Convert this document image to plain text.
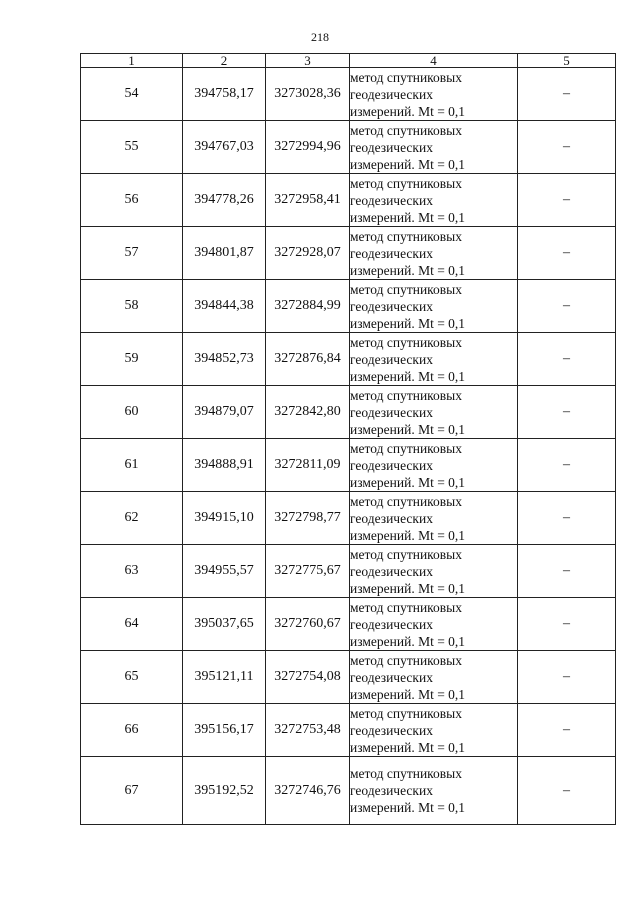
218
1	2	3	4	5
54	394758,17	3273028,36	метод спутниковых
геодезических
измерений. Mt = 0,1	–
55	394767,03	3272994,96	метод спутниковых
геодезических
измерений. Mt = 0,1	–
56	394778,26	3272958,41	метод спутниковых
геодезических
измерений. Mt = 0,1	–
57	394801,87	3272928,07	метод спутниковых
геодезических
измерений. Mt = 0,1	–
58	394844,38	3272884,99	метод спутниковых
геодезических
измерений. Mt = 0,1	–
59	394852,73	3272876,84	метод спутниковых
геодезических
измерений. Mt = 0,1	–
60	394879,07	3272842,80	метод спутниковых
геодезических
измерений. Mt = 0,1	–
61	394888,91	3272811,09	метод спутниковых
геодезических
измерений. Mt = 0,1	–
62	394915,10	3272798,77	метод спутниковых
геодезических
измерений. Mt = 0,1	–
63	394955,57	3272775,67	метод спутниковых
геодезических
измерений. Mt = 0,1	–
64	395037,65	3272760,67	метод спутниковых
геодезических
измерений. Mt = 0,1	–
65	395121,11	3272754,08	метод спутниковых
геодезических
измерений. Mt = 0,1	–
66	395156,17	3272753,48	метод спутниковых
геодезических
измерений. Mt = 0,1	–
67	395192,52	3272746,76	метод спутниковых
геодезических
измерений. Mt = 0,1	–
